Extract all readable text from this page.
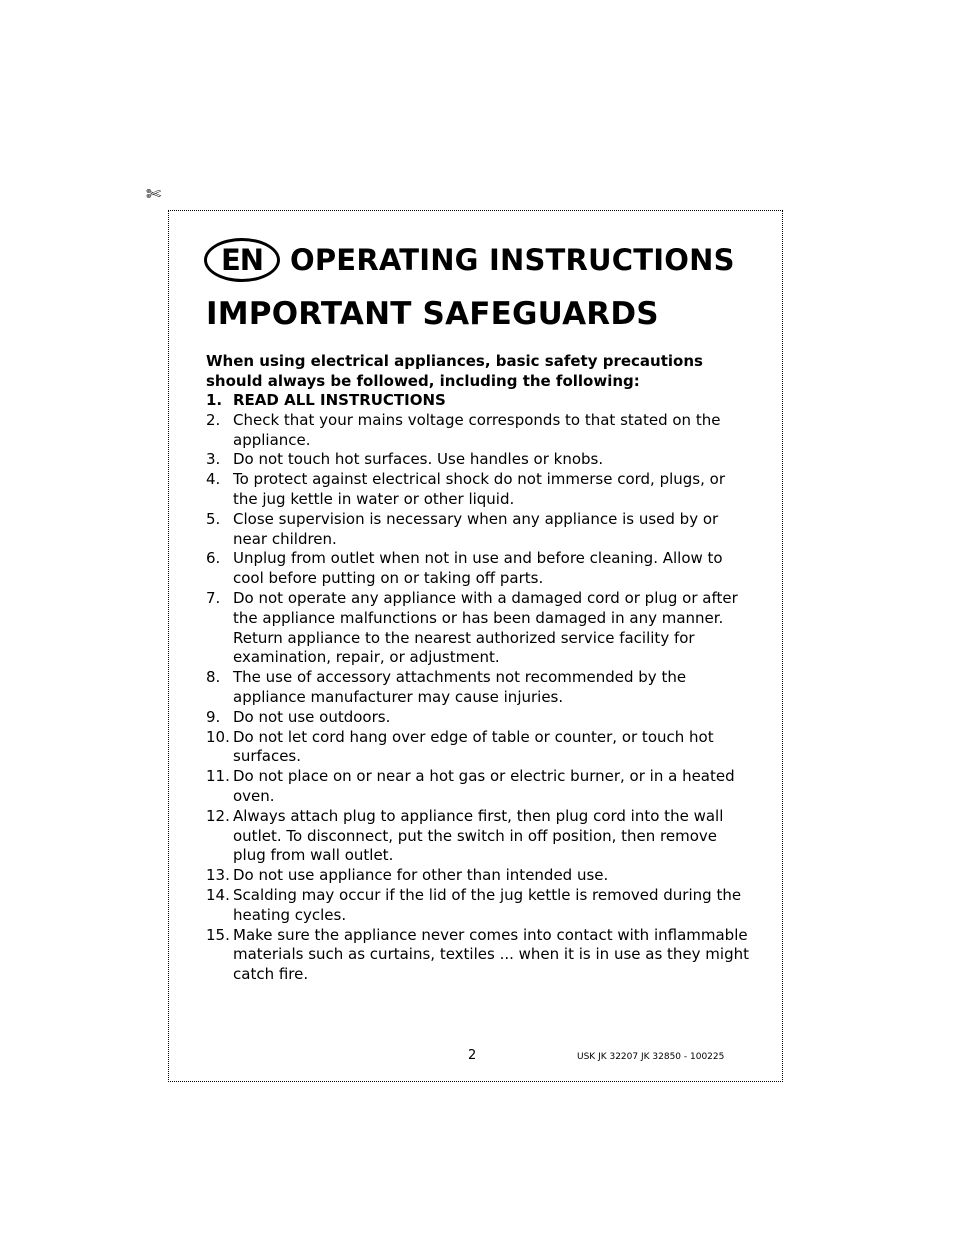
✄
EN OPERATING INSTRUCTIONS
IMPORTANT SAFEGUARDS
When using electrical appliances, basic safety precautions should always be followed, including the following:
1. READ ALL INSTRUCTIONS
2. Check that your mains voltage corresponds to that stated on the appliance.
3. Do not touch hot surfaces. Use handles or knobs.
4. To protect against electrical shock do not immerse cord, plugs, or the jug kettle in water or other liquid.
5. Close supervision is necessary when any appliance is used by or near children.
6. Unplug from outlet when not in use and before cleaning. Allow to cool before putting on or taking off parts.
7. Do not operate any appliance with a damaged cord or plug or after the appliance malfunctions or has been damaged in any manner. Return appliance to the nearest authorized service facility for examination, repair, or adjustment.
8. The use of accessory attachments not recommended by the appliance manufacturer may cause injuries.
9. Do not use outdoors.
10. Do not let cord hang over edge of table or counter, or touch hot surfaces.
11. Do not place on or near a hot gas or electric burner, or in a heated oven.
12. Always attach plug to appliance first, then plug cord into the wall outlet. To disconnect, put the switch in off position, then remove plug from wall outlet.
13. Do not use appliance for other than intended use.
14. Scalding may occur if the lid of the jug kettle is removed during the heating cycles.
15. Make sure the appliance never comes into contact with inflammable materials such as curtains, textiles ... when it is in use as they might catch fire.
2	USK JK 32207 JK 32850 - 100225
